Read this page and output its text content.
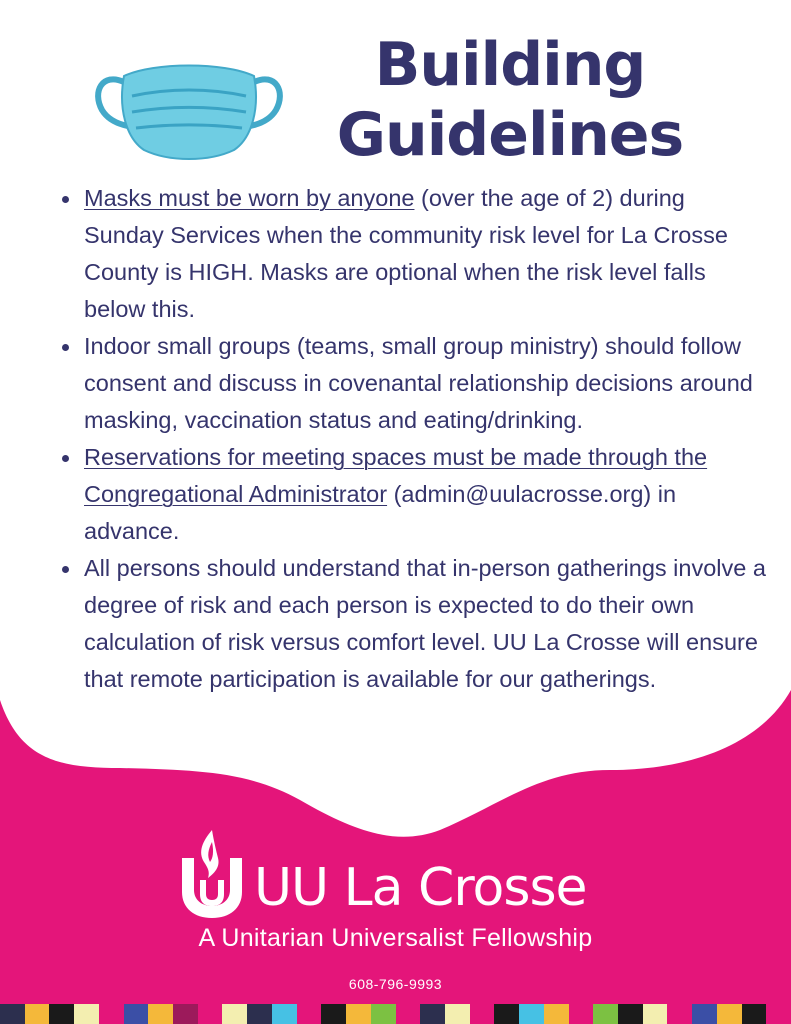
Building
Guidelines
Masks must be worn by anyone (over the age of 2) during Sunday Services when the community risk level for La Crosse County is HIGH. Masks are optional when the risk level falls below this.
Indoor small groups (teams, small group ministry) should follow consent and discuss in covenantal relationship decisions around masking, vaccination status and eating/drinking.
Reservations for meeting spaces must be made through the Congregational Administrator (admin@uulacrosse.org) in advance.
All persons should understand that in-person gatherings involve a degree of risk and each person is expected to do their own calculation of risk versus comfort level. UU La Crosse will ensure that remote participation is available for our gatherings.
UU La Crosse
A Unitarian Universalist Fellowship
608-796-9993
